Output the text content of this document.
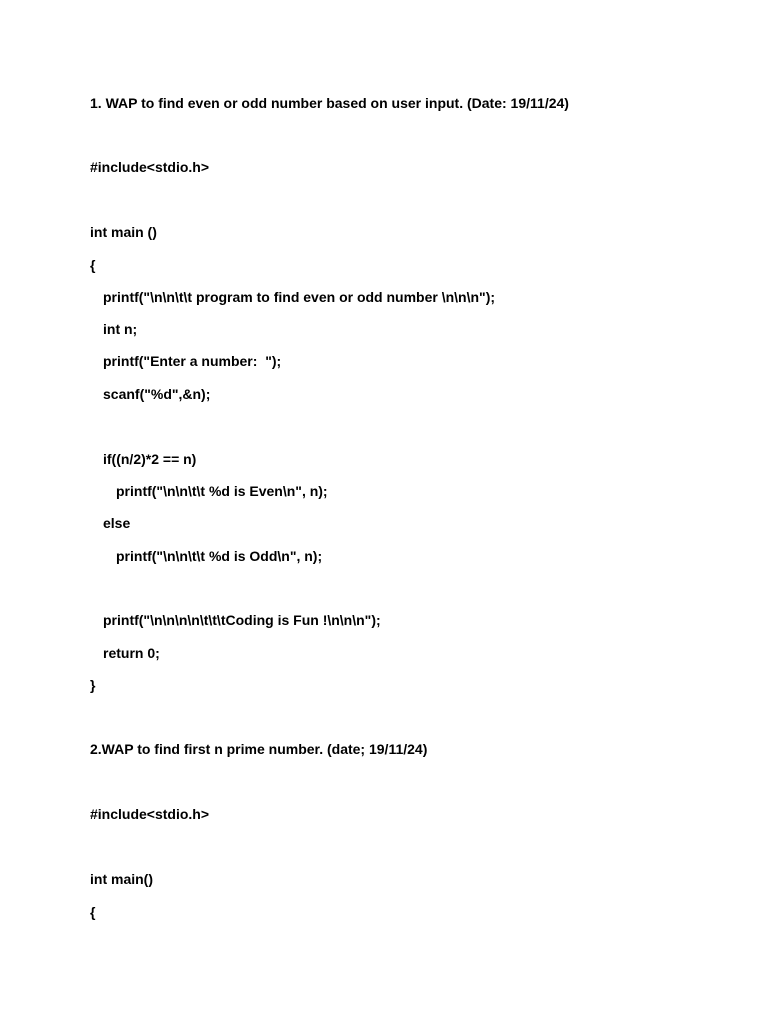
1. WAP to find even or odd number based on user input. (Date: 19/11/24)
#include<stdio.h>
int main ()
{
printf("\n\n\t\t program to find even or odd number \n\n\n");
int n;
printf("Enter a number:  ");
scanf("%d",&n);
if((n/2)*2 == n)
printf("\n\n\t\t %d is Even\n", n);
else
printf("\n\n\t\t %d is Odd\n", n);
printf("\n\n\n\n\t\t\tCoding is Fun !\n\n\n");
return 0;
}
2.WAP to find first n prime number. (date; 19/11/24)
#include<stdio.h>
int main()
{
